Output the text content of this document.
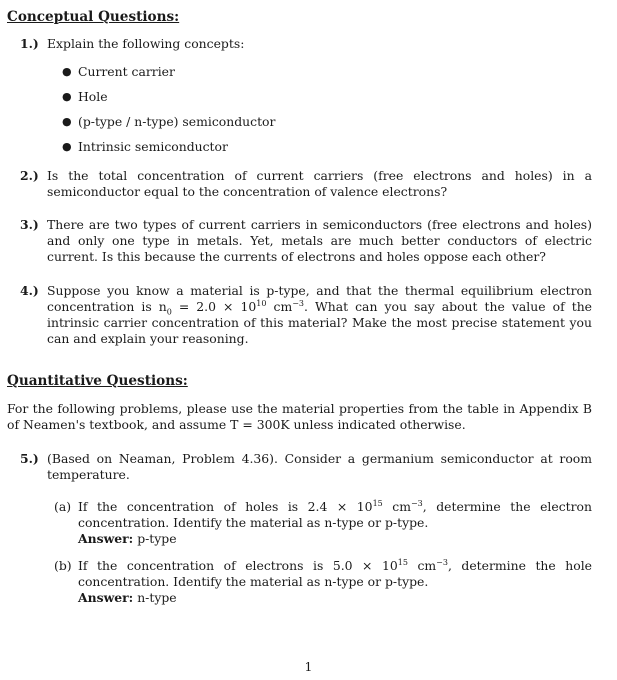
Conceptual Questions:
1.) Explain the following concepts:
● Current carrier
● Hole
● (p-type / n-type) semiconductor
● Intrinsic semiconductor
2.) Is the total concentration of current carriers (free electrons and holes) in a semiconductor equal to the concentration of valence electrons?
3.) There are two types of current carriers in semiconductors (free electrons and holes) and only one type in metals. Yet, metals are much better conductors of electric current. Is this because the currents of electrons and holes oppose each other?
4.) Suppose you know a material is p-type, and that the thermal equilibrium electron concentration is $n_0 = 2.0 \times 10^{10}$ $cm^{-3}$. What can you say about the value of the intrinsic carrier concentration of this material? Make the most precise statement you can and explain your reasoning.
Quantitative Questions:
For the following problems, please use the material properties from the table in Appendix B of Neamen's textbook, and assume T = 300K unless indicated otherwise.
5.) (Based on Neaman, Problem 4.36). Consider a germanium semiconductor at room temperature.
(a) If the concentration of holes is $2.4 \times 10^{15}$ $cm^{-3}$, determine the electron concentration. Identify the material as n-type or p-type.
Answer: p-type
(b) If the concentration of electrons is $5.0 \times 10^{15}$ $cm^{-3}$, determine the hole concentration. Identify the material as n-type or p-type.
Answer: n-type
1
